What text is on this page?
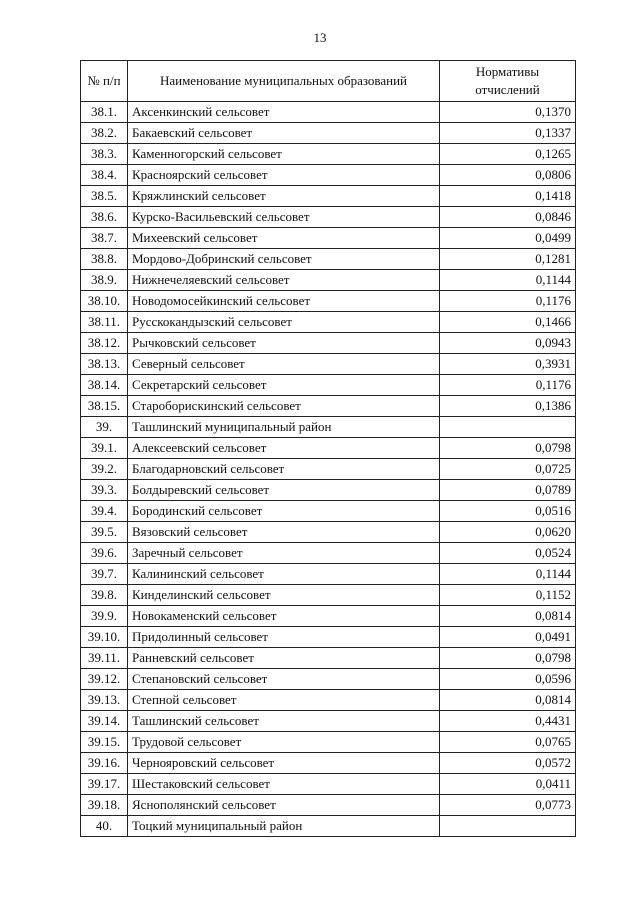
13
№ п/п	Наименование муниципальных образований	Нормативы отчислений
38.1.	Аксенкинский сельсовет	0,1370
38.2.	Бакаевский сельсовет	0,1337
38.3.	Каменногорский сельсовет	0,1265
38.4.	Красноярский сельсовет	0,0806
38.5.	Кряжлинский сельсовет	0,1418
38.6.	Курско-Васильевский сельсовет	0,0846
38.7.	Михеевский сельсовет	0,0499
38.8.	Мордово-Добринский сельсовет	0,1281
38.9.	Нижнечеляевский сельсовет	0,1144
38.10.	Новодомосейкинский сельсовет	0,1176
38.11.	Русскокандызский сельсовет	0,1466
38.12.	Рычковский сельсовет	0,0943
38.13.	Северный сельсовет	0,3931
38.14.	Секретарский сельсовет	0,1176
38.15.	Староборискинский сельсовет	0,1386
39.	Ташлинский муниципальный район	
39.1.	Алексеевский сельсовет	0,0798
39.2.	Благодарновский сельсовет	0,0725
39.3.	Болдыревский сельсовет	0,0789
39.4.	Бородинский сельсовет	0,0516
39.5.	Вязовский сельсовет	0,0620
39.6.	Заречный сельсовет	0,0524
39.7.	Калининский сельсовет	0,1144
39.8.	Кинделинский сельсовет	0,1152
39.9.	Новокаменский сельсовет	0,0814
39.10.	Придолинный сельсовет	0,0491
39.11.	Ранневский сельсовет	0,0798
39.12.	Степановский сельсовет	0,0596
39.13.	Степной сельсовет	0,0814
39.14.	Ташлинский сельсовет	0,4431
39.15.	Трудовой сельсовет	0,0765
39.16.	Чернояровский сельсовет	0,0572
39.17.	Шестаковский сельсовет	0,0411
39.18.	Яснополянский сельсовет	0,0773
40.	Тоцкий муниципальный район	
